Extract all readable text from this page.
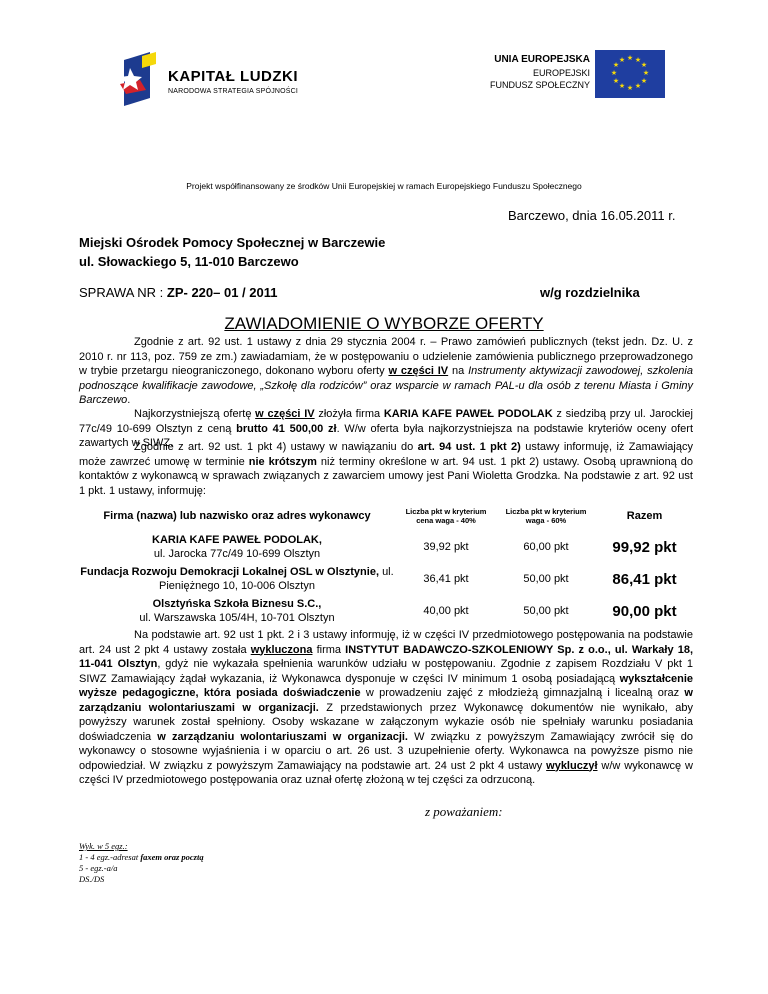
KAPITAŁ LUDZKI
NARODOWA STRATEGIA SPÓJNOŚCI
UNIA EUROPEJSKA
EUROPEJSKI
FUNDUSZ SPOŁECZNY
★ ★
★
★
★
★
★
★
★
★
★
★
Projekt współfinansowany ze środków Unii Europejskiej w ramach Europejskiego Funduszu Społecznego
Barczewo, dnia 16.05.2011 r.
Miejski Ośrodek Pomocy Społecznej w Barczewie
ul. Słowackiego 5, 11-010 Barczewo
SPRAWA NR : ZP- 220– 01 / 2011	w/g rozdzielnika
ZAWIADOMIENIE O WYBORZE OFERTY
Zgodnie z art. 92 ust. 1 ustawy z dnia 29 stycznia 2004 r. – Prawo zamówień publicznych (tekst jedn. Dz. U. z 2010 r. nr 113, poz. 759 ze zm.) zawiadamiam, że w postępowaniu o udzielenie zamówienia publicznego przeprowadzonego w trybie przetargu nieograniczonego, dokonano wyboru oferty w części IV na Instrumenty aktywizacji zawodowej, szkolenia podnoszące kwalifikacje zawodowe, „Szkołę dla rodziców” oraz wsparcie w ramach PAL-u dla osób z terenu Miasta i Gminy Barczewo.
Najkorzystniejszą ofertę w części IV złożyła firma KARIA KAFE PAWEŁ PODOLAK z siedzibą przy ul. Jarockiej 77c/49 10-699 Olsztyn z ceną brutto 41 500,00 zł. W/w oferta była najkorzystniejsza na podstawie kryteriów oceny ofert zawartych w SIWZ.
Zgodnie z art. 92 ust. 1 pkt 4) ustawy w nawiązaniu do art. 94 ust. 1 pkt 2) ustawy informuję, iż Zamawiający może zawrzeć umowę w terminie nie krótszym niż terminy określone w art. 94 ust. 1 pkt 2) ustawy. Osobą uprawnioną do kontaktów z wykonawcą w sprawach związanych z zawarciem umowy jest Pani Wioletta Grodzka. Na podstawie z art. 92 ust 1 pkt. 1 ustawy, informuję:
Firma (nazwa) lub nazwisko oraz adres wykonawcy	Liczba pkt w kryterium cena waga - 40%	Liczba pkt w kryterium waga - 60%	Razem
KARIA KAFE PAWEŁ PODOLAK,
ul. Jarocka 77c/49 10-699 Olsztyn	39,92 pkt	60,00 pkt	99,92 pkt
Fundacja Rozwoju Demokracji Lokalnej OSL w Olsztynie, ul. Pieniężnego 10, 10-006 Olsztyn	36,41 pkt	50,00 pkt	86,41 pkt
Olsztyńska Szkoła Biznesu S.C.,
ul. Warszawska 105/4H, 10-701 Olsztyn	40,00 pkt	50,00 pkt	90,00 pkt
Na podstawie art. 92 ust 1 pkt. 2 i 3 ustawy informuję, iż w części IV przedmiotowego postępowania na podstawie art. 24 ust 2 pkt 4 ustawy została wykluczona firma INSTYTUT BADAWCZO-SZKOLENIOWY Sp. z o.o., ul. Warkały 18, 11-041 Olsztyn, gdyż nie wykazała spełnienia warunków udziału w postępowaniu. Zgodnie z zapisem Rozdziału V pkt 1 SIWZ Zamawiający żądał wykazania, iż Wykonawca dysponuje w części IV minimum 1 osobą posiadającą wykształcenie wyższe pedagogiczne, która posiada doświadczenie w prowadzeniu zajęć z młodzieżą gimnazjalną i licealną oraz w zarządzaniu wolontariuszami w organizacji. Z przedstawionych przez Wykonawcę dokumentów nie wynikało, aby powyższy warunek został spełniony. Osoby wskazane w załączonym wykazie osób nie spełniały warunku posiadania doświadczenia w zarządzaniu wolontariuszami w organizacji. W związku z powyższym Zamawiający zwrócił się do wykonawcy o stosowne wyjaśnienia i w oparciu o art. 26 ust. 3 uzupełnienie oferty. Wykonawca na powyższe pismo nie odpowiedział. W związku z powyższym Zamawiający na podstawie art. 24 ust 2 pkt 4 ustawy wykluczył w/w wykonawcę w części IV przedmiotowego postępowania oraz uznał ofertę złożoną w tej części za odrzuconą.
z poważaniem:
Wyk. w 5 egz.:
1 - 4 egz.-adresat faxem oraz pocztą
5 - egz.-a/a
DS./DS
